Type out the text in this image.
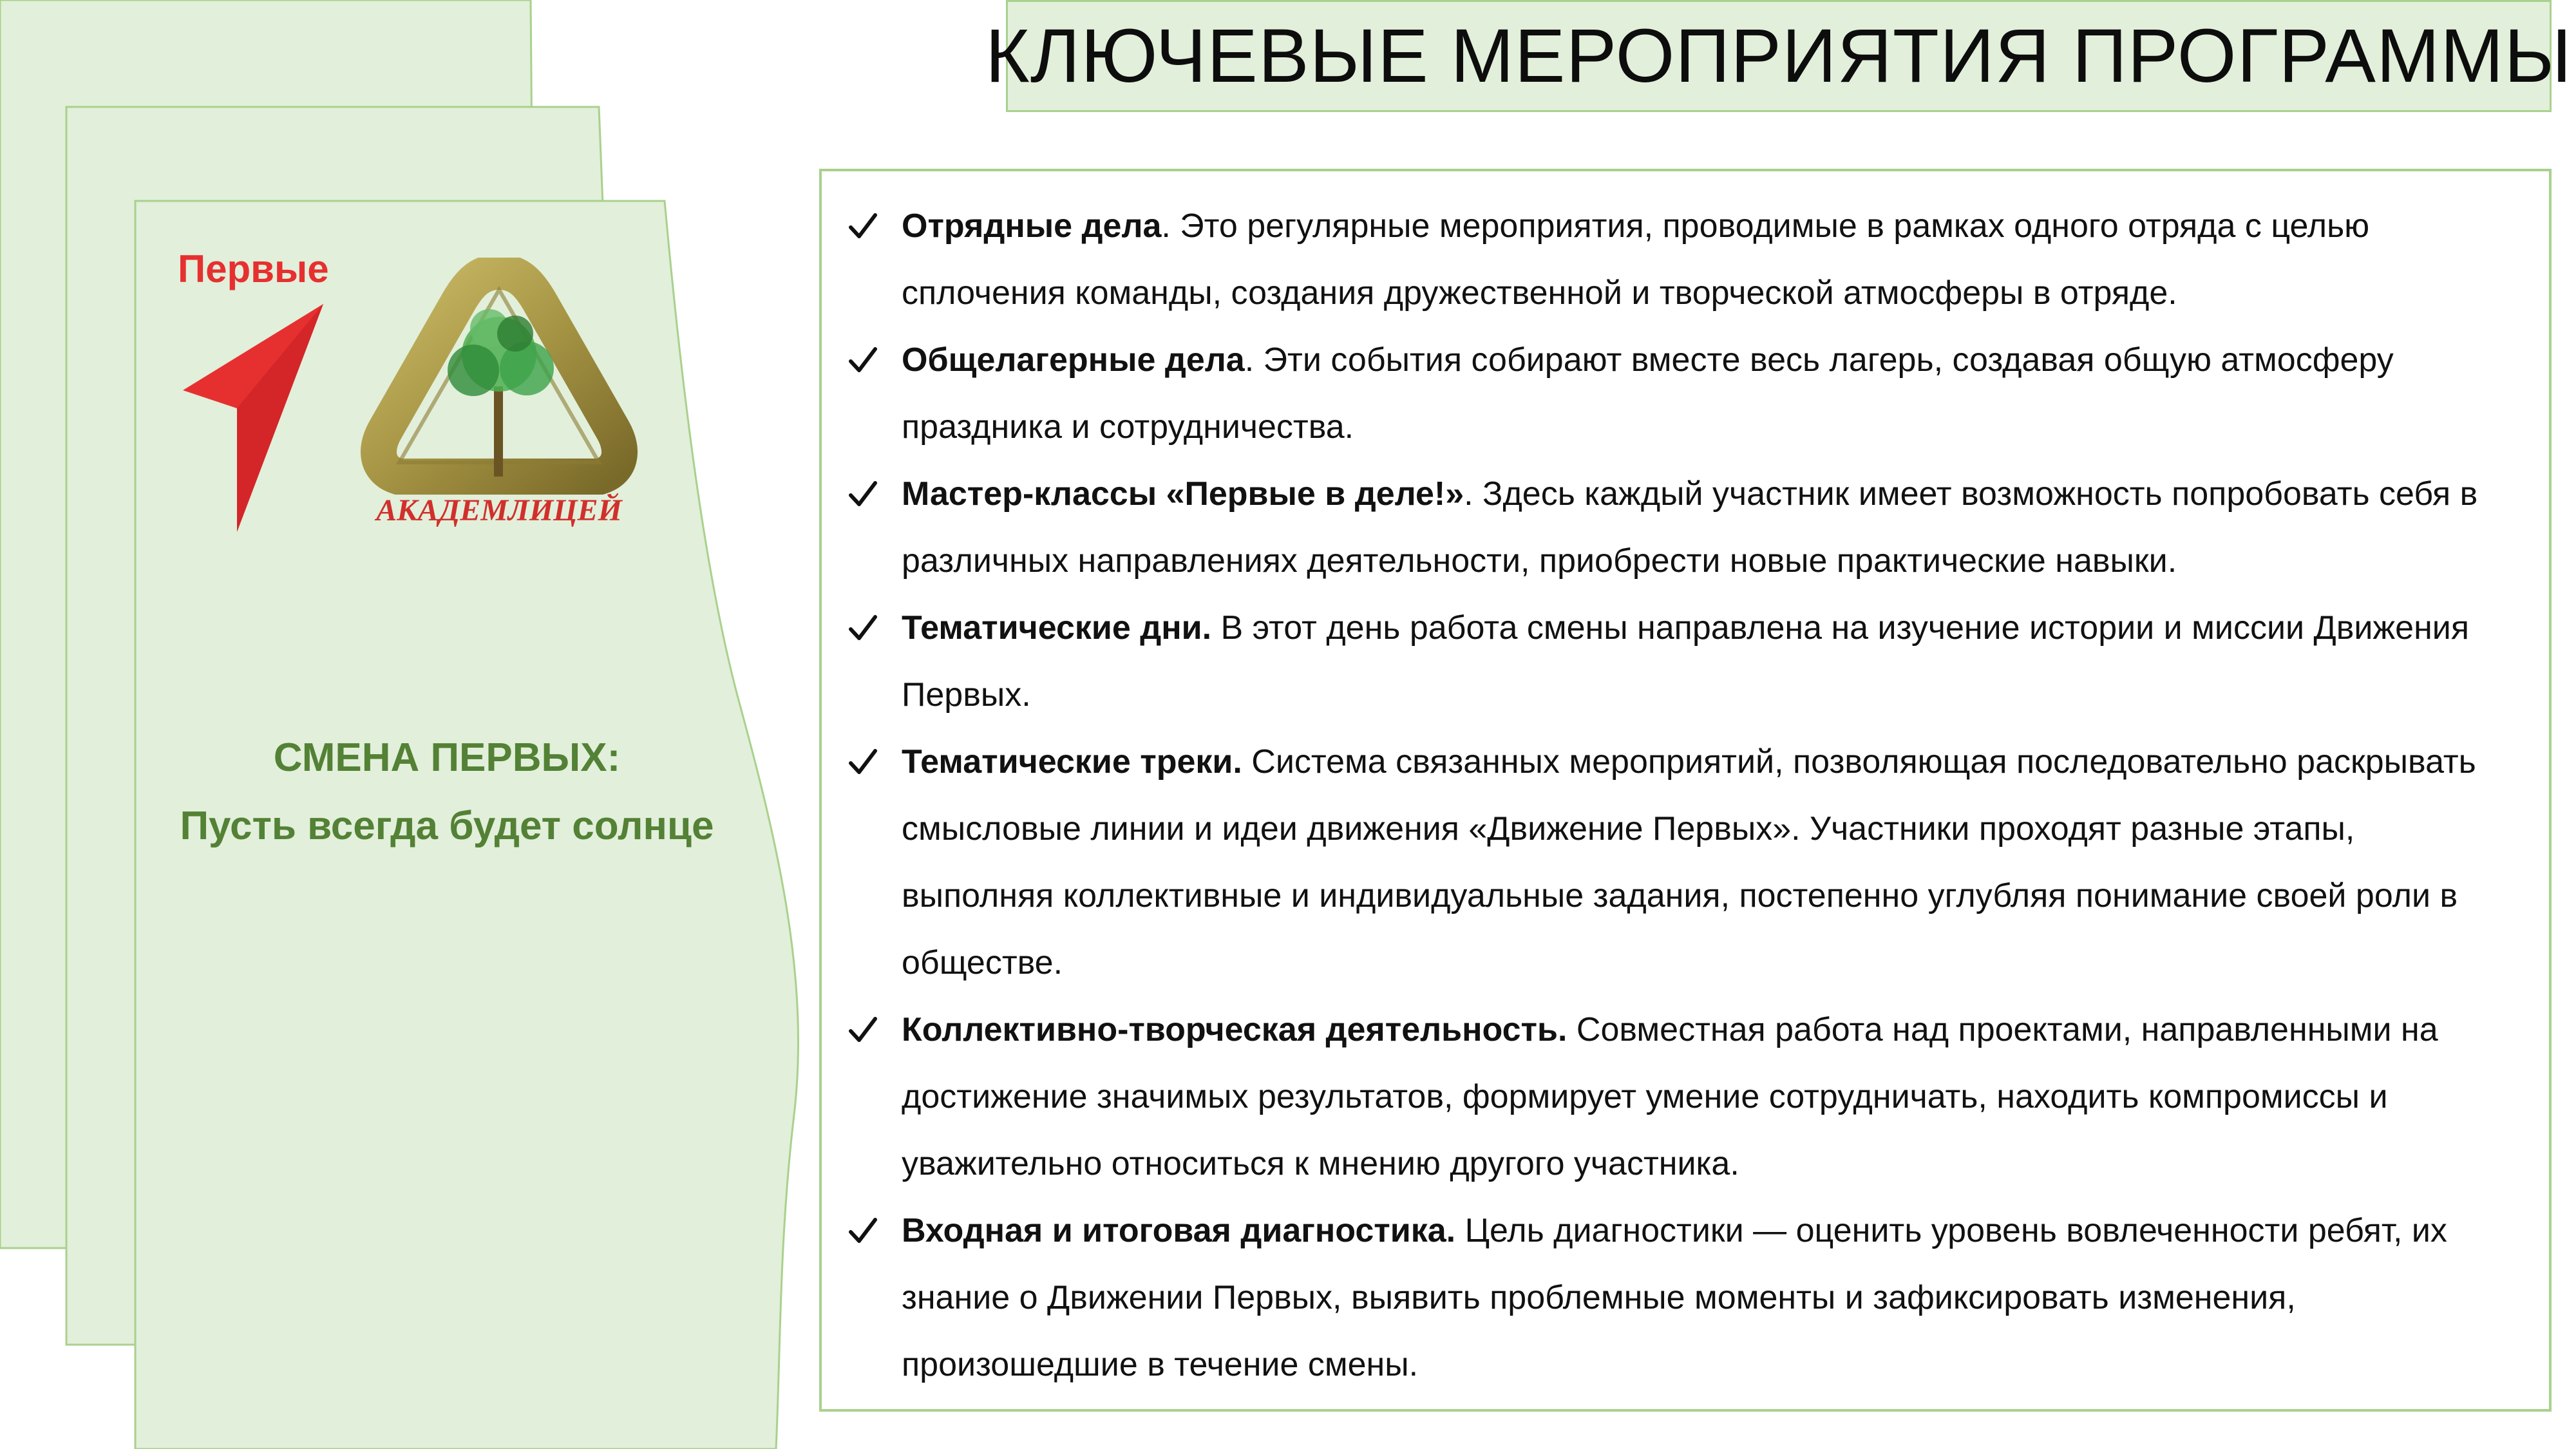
Первые
АКАДЕМЛИЦЕЙ
СМЕНА ПЕРВЫХ:
Пусть всегда будет солнце
КЛЮЧЕВЫЕ МЕРОПРИЯТИЯ ПРОГРАММЫ
Отрядные дела. Это регулярные мероприятия, проводимые в рамках одного отряда с целью сплочения команды, создания дружественной и творческой атмосферы в отряде.
Общелагерные дела. Эти события собирают вместе весь лагерь, создавая общую атмосферу праздника и сотрудничества.
Мастер-классы «Первые в деле!». Здесь каждый участник имеет возможность попробовать себя в различных направлениях деятельности, приобрести новые практические навыки.
Тематические дни. В этот день работа смены направлена на изучение истории и миссии Движения Первых.
Тематические треки. Система связанных мероприятий, позволяющая последовательно раскрывать смысловые линии и идеи движения «Движение Первых». Участники проходят разные этапы, выполняя коллективные и индивидуальные задания, постепенно углубляя понимание своей роли в обществе.
Коллективно-творческая деятельность. Совместная работа над проектами, направленными на достижение значимых результатов, формирует умение сотрудничать, находить компромиссы и уважительно относиться к мнению другого участника.
Входная и итоговая диагностика. Цель диагностики — оценить уровень вовлеченности ребят, их знание о Движении Первых, выявить проблемные моменты и зафиксировать изменения, произошедшие в течение смены.
